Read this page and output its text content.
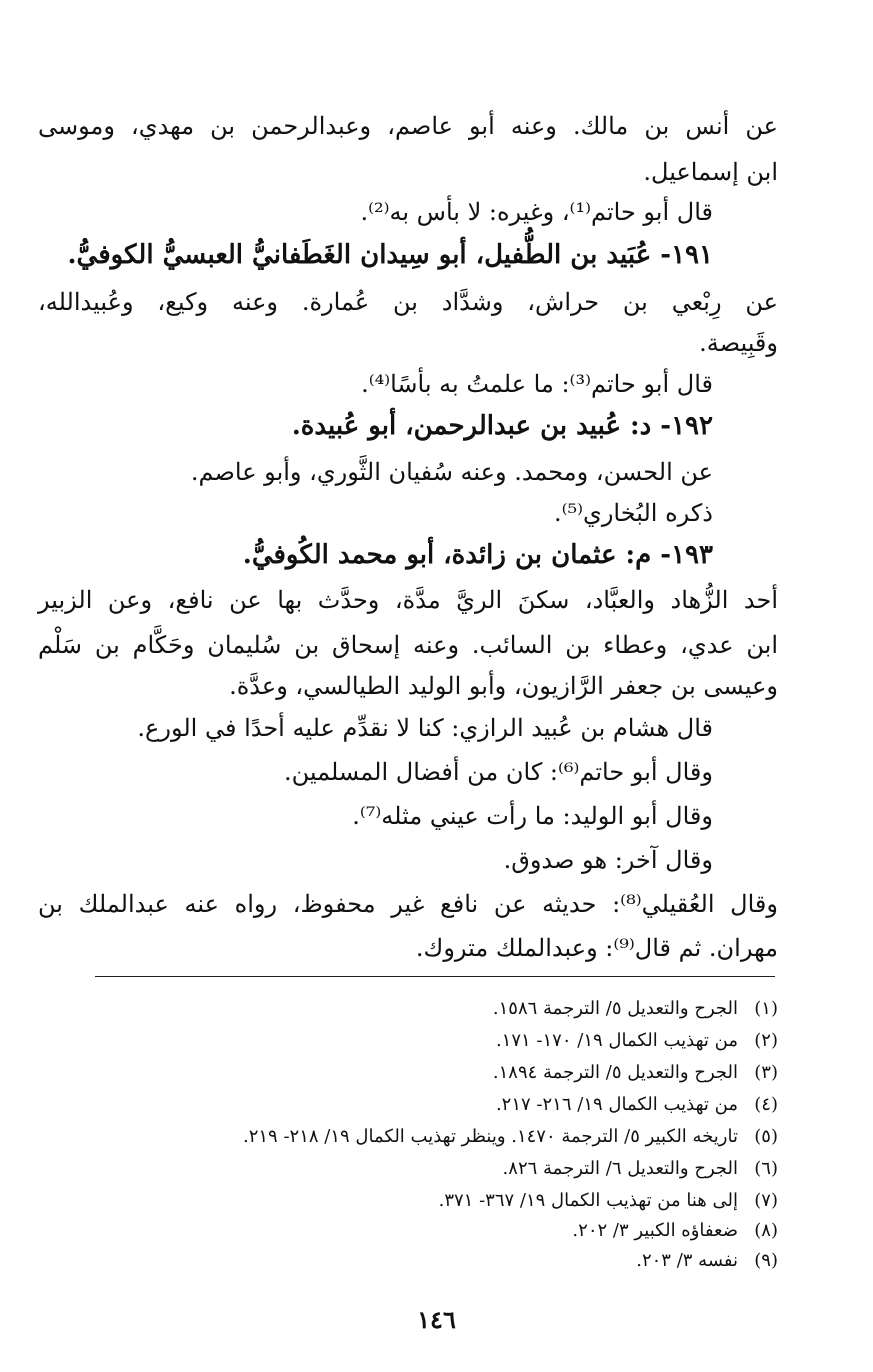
عن أنس بن مالك. وعنه أبو عاصم، وعبدالرحمن بن مهدي، وموسى

ابن إسماعيل.

قال أبو حاتم⁽¹⁾، وغيره: لا بأس به⁽²⁾.

١٩١- عُبَيد بن الطُّفيل، أبو سِيدان الغَطَفانيُّ العبسيُّ الكوفيُّ.

عن رِبْعي بن حراش، وشدَّاد بن عُمارة. وعنه وكيع، وعُبيدالله،

وقَبِيصة.

قال أبو حاتم⁽³⁾: ما علمتُ به بأسًا⁽⁴⁾.

١٩٢- د: عُبيد بن عبدالرحمن، أبو عُبيدة.

عن الحسن، ومحمد. وعنه سُفيان الثَّوري، وأبو عاصم.

ذكره البُخاري⁽⁵⁾.

١٩٣- م: عثمان بن زائدة، أبو محمد الكُوفيُّ.

أحد الزُّهاد والعبَّاد، سكنَ الريَّ مدَّة، وحدَّث بها عن نافع، وعن الزبير

ابن عدي، وعطاء بن السائب. وعنه إسحاق بن سُليمان وحَكَّام بن سَلْم

وعيسى بن جعفر الرَّازيون، وأبو الوليد الطيالسي، وعدَّة.

قال هشام بن عُبيد الرازي: كنا لا نقدِّم عليه أحدًا في الورع.

وقال أبو حاتم⁽⁶⁾: كان من أفضال المسلمين.

وقال أبو الوليد: ما رأت عيني مثله⁽⁷⁾.

وقال آخر: هو صدوق.

وقال العُقيلي⁽⁸⁾: حديثه عن نافع غير محفوظ، رواه عنه عبدالملك بن

مهران. ثم قال⁽⁹⁾: وعبدالملك متروك.

(١)الجرح والتعديل ٥/ الترجمة ١٥٨٦.

(٢)من تهذيب الكمال ١٩/ ١٧٠- ١٧١.

(٣)الجرح والتعديل ٥/ الترجمة ١٨٩٤.

(٤)من تهذيب الكمال ١٩/ ٢١٦- ٢١٧.

(٥)تاريخه الكبير ٥/ الترجمة ١٤٧٠. وينظر تهذيب الكمال ١٩/ ٢١٨- ٢١٩.

(٦)الجرح والتعديل ٦/ الترجمة ٨٢٦.

(٧)إلى هنا من تهذيب الكمال ١٩/ ٣٦٧- ٣٧١.

(٨)ضعفاؤه الكبير ٣/ ٢٠٢.

(٩)نفسه ٣/ ٢٠٣.

١٤٦
